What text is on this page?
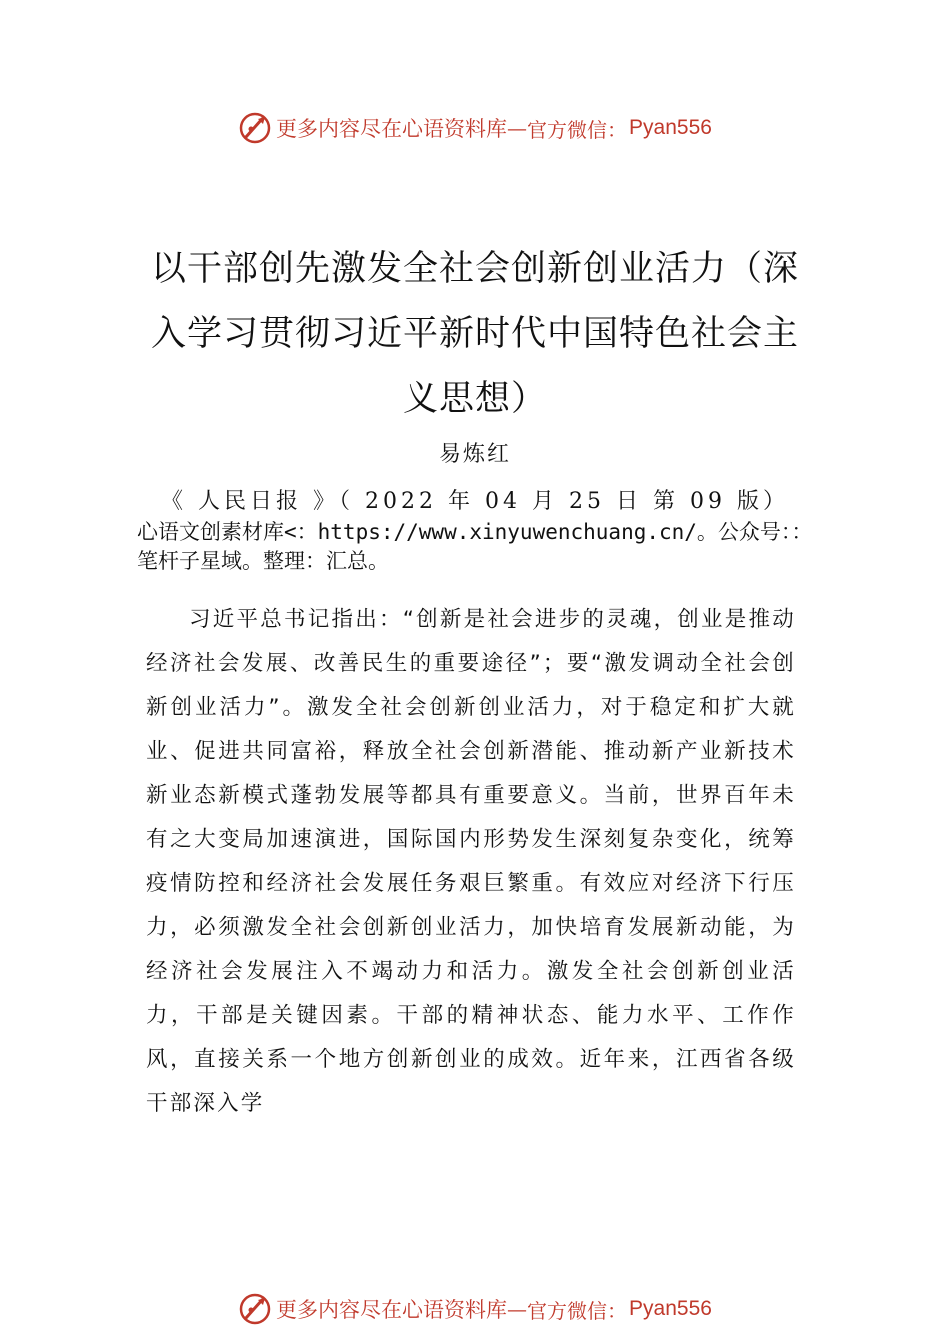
更多内容尽在心语资料库 — 官方微信： Pyan556
以干部创先激发全社会创新创业活力（深入学习贯彻习近平新时代中国特色社会主义思想）
易炼红
《 人民日报 》（ 2022 年 04 月 25 日 第 09 版）
心语文创素材库<：https://www.xinyuwenchuang.cn/。公众号：：笔杆子星域。整理：汇总。
习近平总书记指出：“创新是社会进步的灵魂，创业是推动经济社会发展、改善民生的重要途径”；要“激发调动全社会创新创业活力”。激发全社会创新创业活力，对于稳定和扩大就业、促进共同富裕，释放全社会创新潜能、推动新产业新技术新业态新模式蓬勃发展等都具有重要意义。当前，世界百年未有之大变局加速演进，国际国内形势发生深刻复杂变化，统筹疫情防控和经济社会发展任务艰巨繁重。有效应对经济下行压力，必须激发全社会创新创业活力，加快培育发展新动能，为经济社会发展注入不竭动力和活力。激发全社会创新创业活力，干部是关键因素。干部的精神状态、能力水平、工作作风，直接关系一个地方创新创业的成效。近年来，江西省各级干部深入学
更多内容尽在心语资料库 — 官方微信： Pyan556
